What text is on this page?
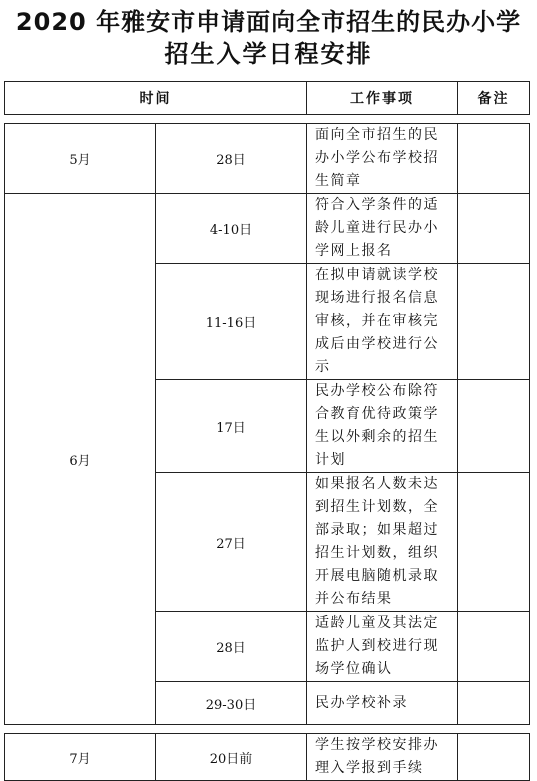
2020 年雅安市申请面向全市招生的民办小学
招生入学日程安排
时间		工作事项	备注

5月	28日	面向全市招生的民办小学公布学校招生简章	
6月	4-10日	符合入学条件的适龄儿童进行民办小学网上报名	
	11-16日	在拟申请就读学校现场进行报名信息审核，并在审核完成后由学校进行公示	
	17日	民办学校公布除符合教育优待政策学生以外剩余的招生计划	
	27日	如果报名人数未达到招生计划数，全部录取；如果超过招生计划数，组织开展电脑随机录取并公布结果	
	28日	适龄儿童及其法定监护人到校进行现场学位确认	
	29-30日	民办学校补录	

7月	20日前	学生按学校安排办理入学报到手续	
